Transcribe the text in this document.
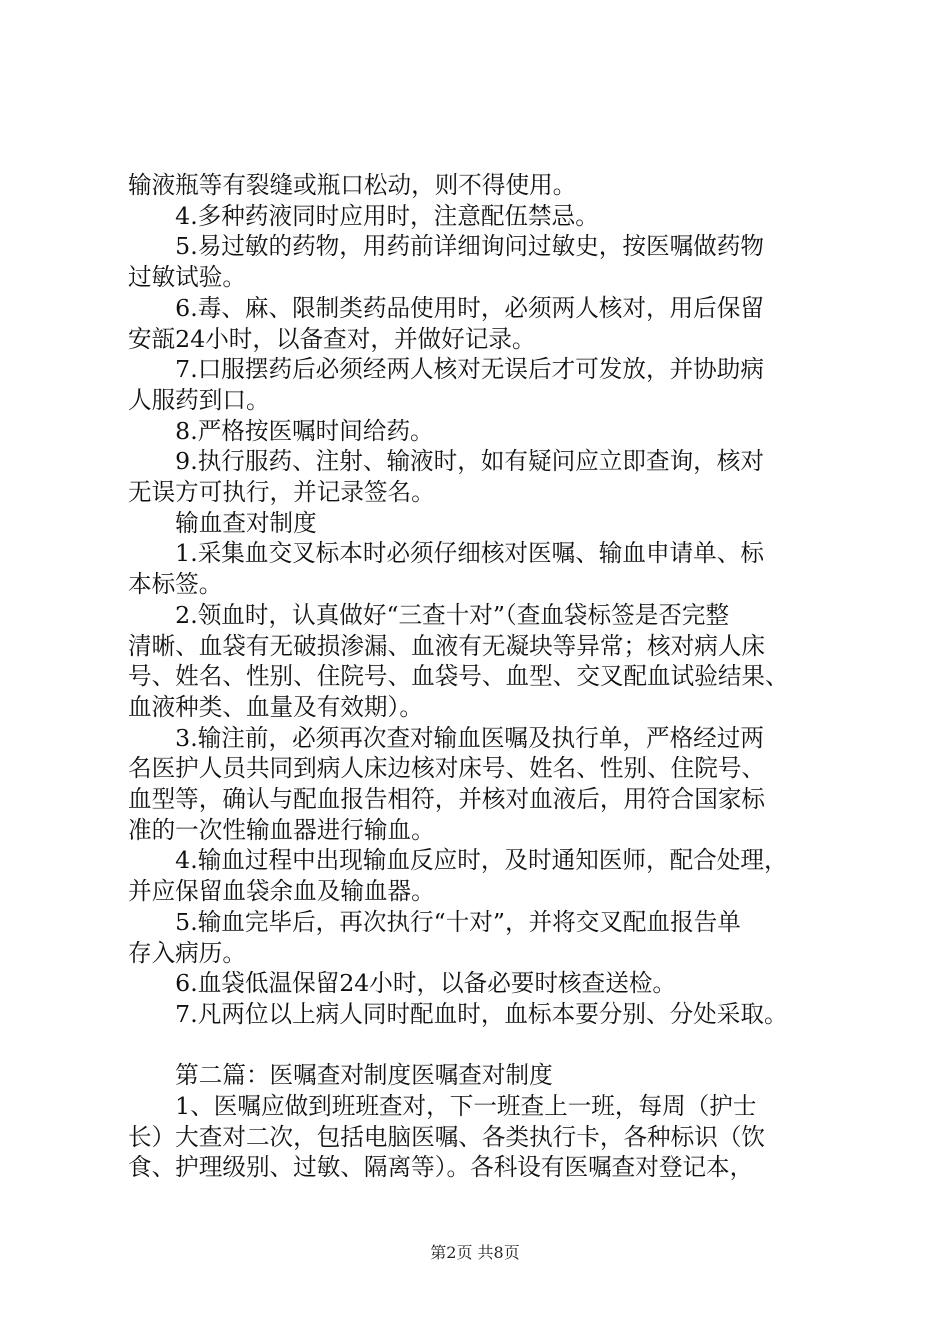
输液瓶等有裂缝或瓶口松动，则不得使用。
　　4.多种药液同时应用时，注意配伍禁忌。
　　5.易过敏的药物，用药前详细询问过敏史，按医嘱做药物
过敏试验。
　　6.毒、麻、限制类药品使用时，必须两人核对，用后保留
安瓿24小时，以备查对，并做好记录。
　　7.口服摆药后必须经两人核对无误后才可发放，并协助病
人服药到口。
　　8.严格按医嘱时间给药。
　　9.执行服药、注射、输液时，如有疑问应立即查询，核对
无误方可执行，并记录签名。
　　输血查对制度
　　1.采集血交叉标本时必须仔细核对医嘱、输血申请单、标
本标签。
　　2.领血时，认真做好“三查十对”（查血袋标签是否完整
清晰、血袋有无破损渗漏、血液有无凝块等异常；核对病人床
号、姓名、性别、住院号、血袋号、血型、交叉配血试验结果、
血液种类、血量及有效期）。
　　3.输注前，必须再次查对输血医嘱及执行单，严格经过两
名医护人员共同到病人床边核对床号、姓名、性别、住院号、
血型等，确认与配血报告相符，并核对血液后，用符合国家标
准的一次性输血器进行输血。
　　4.输血过程中出现输血反应时，及时通知医师，配合处理，
并应保留血袋余血及输血器。
　　5.输血完毕后，再次执行“十对”，并将交叉配血报告单
存入病历。
　　6.血袋低温保留24小时，以备必要时核查送检。
　　7.凡两位以上病人同时配血时，血标本要分别、分处采取。
　　第二篇：医嘱查对制度医嘱查对制度
　　1、医嘱应做到班班查对，下一班查上一班，每周（护士
长）大查对二次，包括电脑医嘱、各类执行卡，各种标识（饮
食、护理级别、过敏、隔离等）。各科设有医嘱查对登记本，
第2页 共8页
